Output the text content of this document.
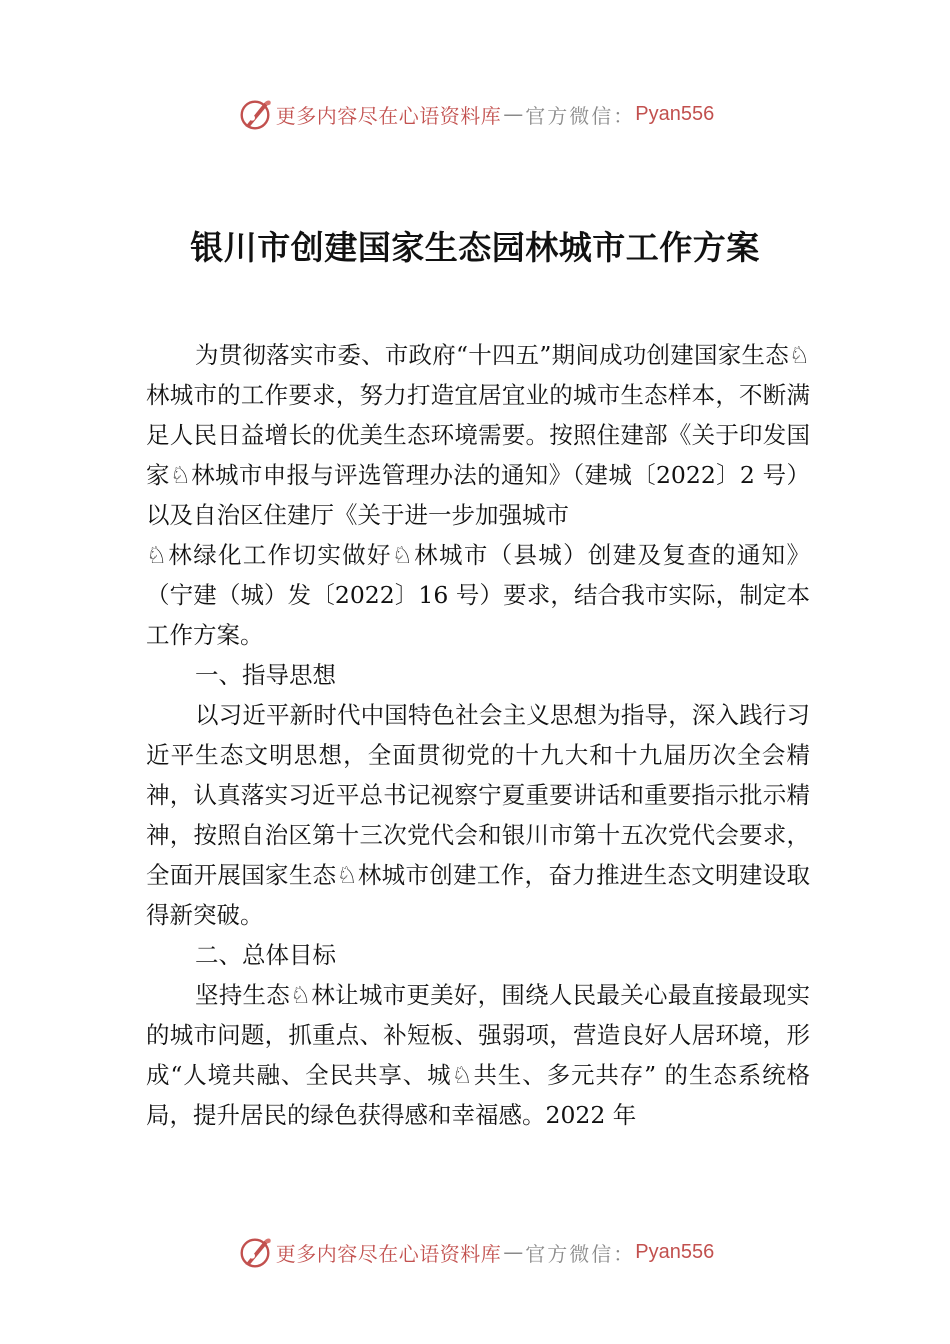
更多内容尽在心语资料库 — 官方微信： Pyan556
银川市创建国家生态园林城市工作方案

为贯彻落实市委、市政府“十四五”期间成功创建国家生态♘林城市的工作要求，努力打造宜居宜业的城市生态样本，不断满足人民日益增长的优美生态环境需要。按照住建部《关于印发国家♘林城市申报与评选管理办法的通知》（建城〔2022〕2 号）以及自治区住建厅《关于进一步加强城市

♘林绿化工作切实做好♘林城市（县城）创建及复查的通知》（宁建（城）发〔2022〕16 号）要求，结合我市实际，制定本工作方案。

一、指导思想

以习近平新时代中国特色社会主义思想为指导，深入践行习近平生态文明思想，全面贯彻党的十九大和十九届历次全会精神，认真落实习近平总书记视察宁夏重要讲话和重要指示批示精神，按照自治区第十三次党代会和银川市第十五次党代会要求，全面开展国家生态♘林城市创建工作，奋力推进生态文明建设取得新突破。

二、总体目标

坚持生态♘林让城市更美好，围绕人民最关心最直接最现实的城市问题，抓重点、补短板、强弱项，营造良好人居环境，形成“人境共融、全民共享、城♘共生、多元共存” 的生态系统格局，提升居民的绿色获得感和幸福感。2022 年

更多内容尽在心语资料库 — 官方微信： Pyan556
